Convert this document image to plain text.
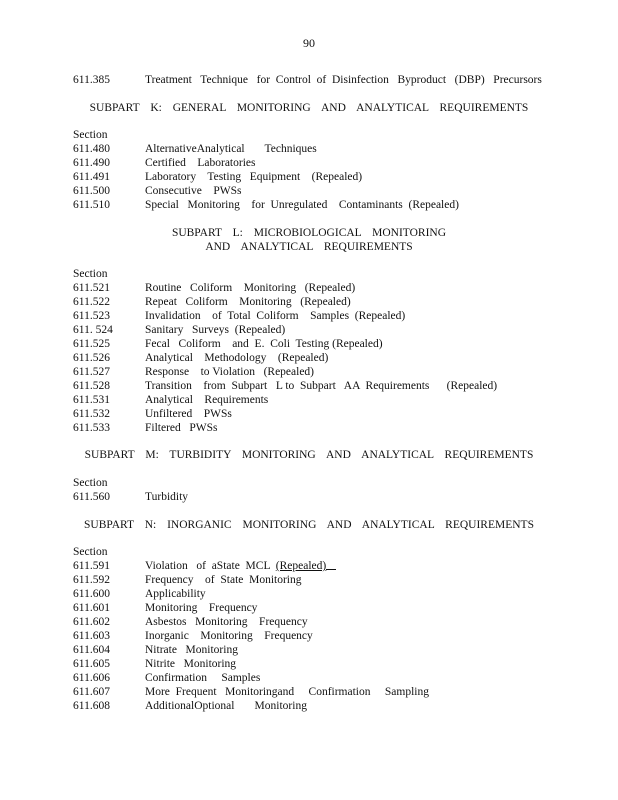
90
611.385	Treatment   Technique   for  Control  of  Disinfection   Byproduct   (DBP)   Precursors
SUBPART K: GENERAL MONITORING AND ANALYTICAL REQUIREMENTS
Section
611.480	AlternativeAnalytical       Techniques
611.490	Certified    Laboratories
611.491	Laboratory    Testing   Equipment    (Repealed)
611.500	Consecutive    PWSs
611.510	Special   Monitoring    for  Unregulated    Contaminants  (Repealed)
SUBPART L: MICROBIOLOGICAL MONITORING
AND ANALYTICAL REQUIREMENTS
Section
611.521	Routine   Coliform    Monitoring   (Repealed)
611.522	Repeat   Coliform    Monitoring   (Repealed)
611.523	Invalidation    of  Total  Coliform    Samples  (Repealed)
611. 524	Sanitary   Surveys  (Repealed)
611.525	Fecal   Coliform    and  E.  Coli  Testing (Repealed)
611.526	Analytical    Methodology    (Repealed)
611.527	Response    to Violation   (Repealed)
611.528	Transition    from  Subpart   L to  Subpart   AA  Requirements      (Repealed)
611.531	Analytical    Requirements
611.532	Unfiltered    PWSs
611.533	Filtered   PWSs
SUBPART M: TURBIDITY MONITORING AND ANALYTICAL REQUIREMENTS
Section
611.560	Turbidity
SUBPART N: INORGANIC MONITORING AND ANALYTICAL REQUIREMENTS
Section
611.591	Violation   of  aState  MCL  (Repealed)
611.592	Frequency    of  State  Monitoring
611.600	Applicability
611.601	Monitoring    Frequency
611.602	Asbestos   Monitoring    Frequency
611.603	Inorganic    Monitoring    Frequency
611.604	Nitrate   Monitoring
611.605	Nitrite   Monitoring
611.606	Confirmation     Samples
611.607	More  Frequent   Monitoringand     Confirmation     Sampling
611.608	AdditionalOptional       Monitoring
